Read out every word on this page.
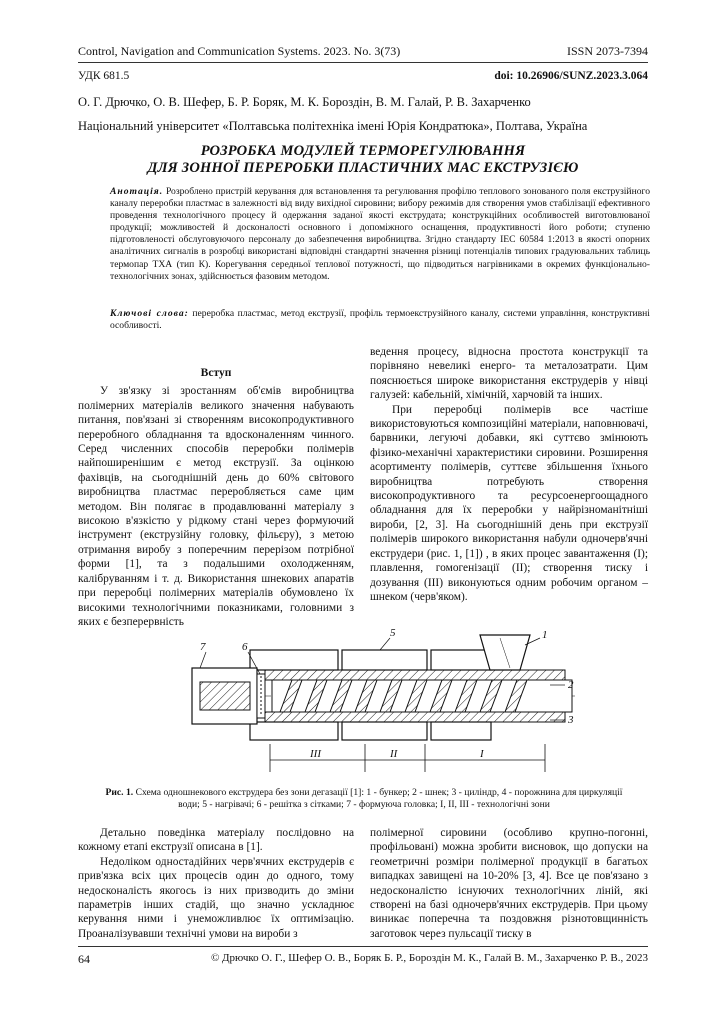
Control, Navigation and Communication Systems. 2023. No. 3(73)	ISSN 2073-7394
УДК 681.5	doi: 10.26906/SUNZ.2023.3.064
О. Г. Дрючко, О. В. Шефер, Б. Р. Боряк, М. К. Бороздін, В. М. Галай, Р. В. Захарченко
Національний університет «Полтавська політехніка імені Юрія Кондратюка», Полтава, Україна
РОЗРОБКА МОДУЛЕЙ ТЕРМОРЕГУЛЮВАННЯ
ДЛЯ ЗОННОЇ ПЕРЕРОБКИ ПЛАСТИЧНИХ МАС ЕКСТРУЗІЄЮ
Анотація. Розроблено пристрій керування для встановлення та регулювання профілю теплового зонованого поля екструзійного каналу переробки пластмас в залежності від виду вихідної сировини; вибору режимів для створення умов стабілізації ефективного проведення технологічного процесу й одержання заданої якості екструдата; конструкційних особливостей виготовлюваної продукції; можливостей й досконалості основного і допоміжного оснащення, продуктивності його роботи; ступеню підготовленості обслуговуючого персоналу до забезпечення виробництва. Згідно стандарту IEC 60584 1:2013 в якості опорних аналітичних сигналів в розробці використані відповідні стандартні значення різниці потенціалів типових градуювальних таблиць термопар ТХА (тип К). Корегування середньої теплової потужності, що підводиться нагрівниками в окремих функціонально- технологічних зонах, здійснюється фазовим методом.
Ключові слова: переробка пластмас, метод екструзії, профіль термоекструзійного каналу, системи управління, конструктивні особливості.
Вступ

У зв'язку зі зростанням об'ємів виробництва полімерних матеріалів великого значення набувають питання, пов'язані зі створенням високопродуктивного переробного обладнання та вдосконаленням чинного. Серед численних способів переробки полімерів найпоширенішим є метод екструзії. За оцінкою фахівців, на сьогоднішній день до 60% світового виробництва пластмас переробляється саме цим методом. Він полягає в продавлюванні матеріалу з високою в'язкістю у рідкому стані через формуючий інструмент (екструзійну головку, фільєру), з метою отримання виробу з поперечним перерізом потрібної форми [1], та з подальшими охолодженням, калібруванням і т. д. Використання шнекових апаратів при переробці полімерних матеріалів обумовлено їх високими технологічними показниками, головними з яких є безперервність

ведення процесу, відносна простота конструкції та порівняно невеликі енерго- та металозатрати. Цим пояснюється широке використання екструдерів у нівці галузей: кабельній, хімічній, харчовій та інших.

При переробці полімерів все частіше використовуються композиційні матеріали, наповнювачі, барвники, легуючі добавки, які суттєво змінюють фізико-механічні характеристики сировини. Розширення асортименту полімерів, суттєве збільшення їхнього виробництва потребують створення високопродуктивного та ресурсоенергоощадного обладнання для їх переробки у найрізноманітніші вироби, [2, 3]. На сьогоднішній день при екструзії полімерів широкого використання набули одночерв'ячні екструдери (рис. 1, [1]) , в яких процес завантаження (І); плавлення, гомогенізації (ІІ); створення тиску і дозування (ІІІ) виконуються одним робочим органом – шнеком (черв'яком).

III	II	I
1
2
3
5
6
7
Рис. 1. Схема одношнекового екструдера без зони дегазації [1]: 1 - бункер; 2 - шнек; 3 - циліндр, 4 - порожнина для циркуляції води; 5 - нагрівачі; 6 - решітка з сітками; 7 - формуюча головка; І, ІІ, ІІІ - технологічні зони

Детально поведінка матеріалу послідовно на кожному етапі екструзії описана в [1].

Недоліком одностадійних черв'ячних екструдерів є прив'язка всіх цих процесів один до одного, тому недосконалість якогось із них призводить до зміни параметрів інших стадій, що значно ускладнює керування ними і унеможливлює їх оптимізацію. Проаналізувавши технічні умови на вироби з

полімерної сировини (особливо крупно-погонні, профільовані) можна зробити висновок, що допуски на геометричні розміри полімерної продукції в багатьох випадках завищені на 10-20% [3, 4]. Все це пов'язано з недосконалістю існуючих технологічних ліній, які створені на базі одночерв'ячних екструдерів. При цьому виникає поперечна та поздовжня різнотовщинність заготовок через пульсації тиску в

64	© Дрючко О. Г., Шефер О. В., Боряк Б. Р., Бороздін М. К., Галай В. М., Захарченко Р. В., 2023
